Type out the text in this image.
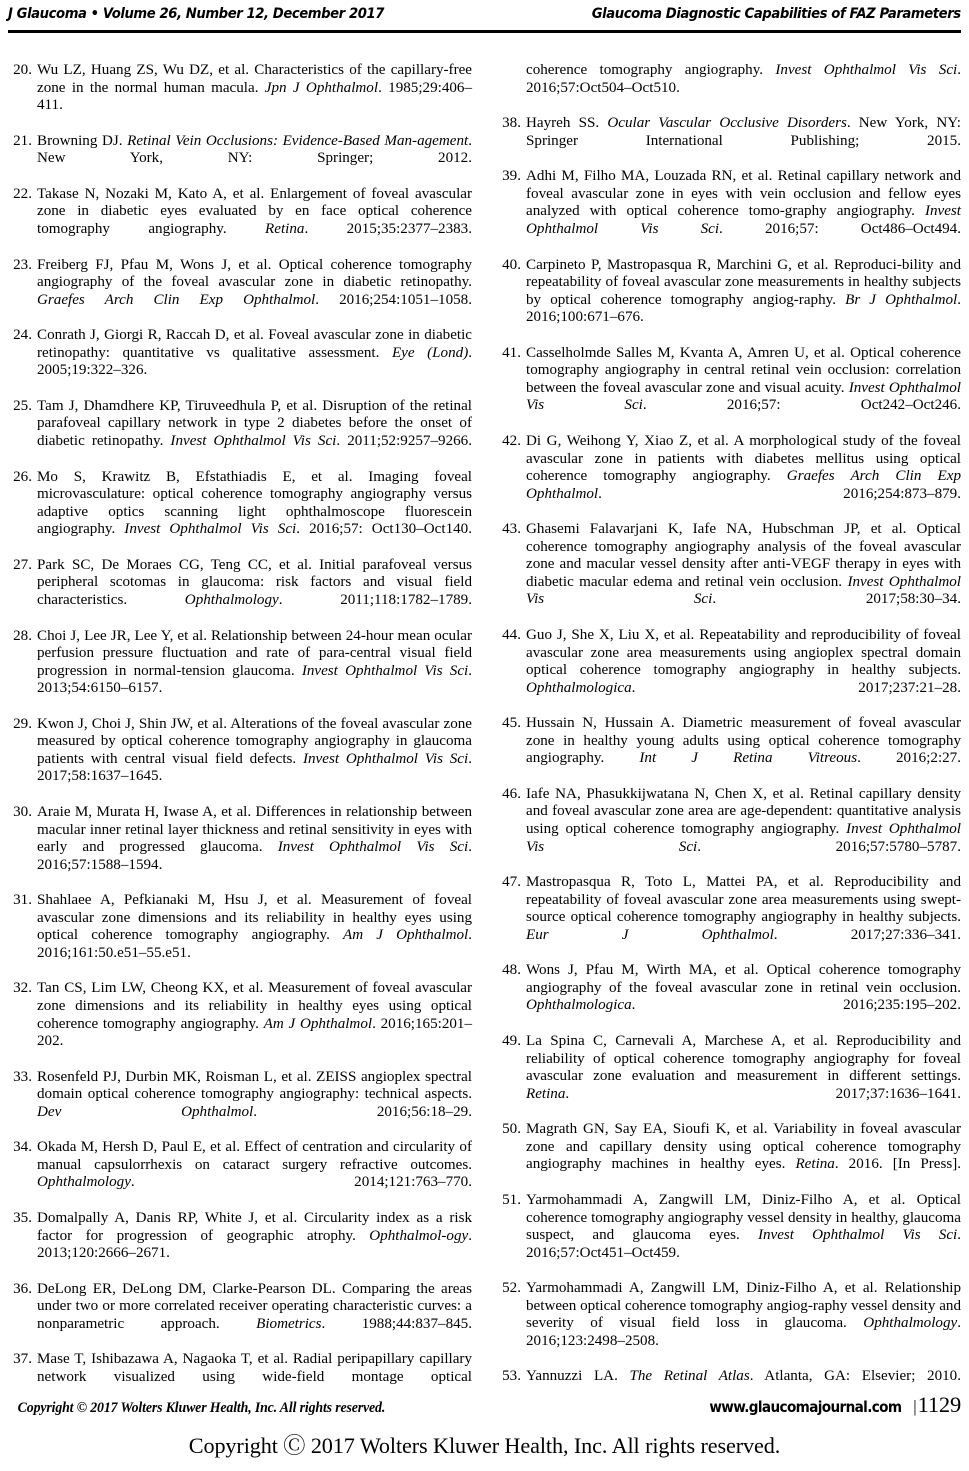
J Glaucoma • Volume 26, Number 12, December 2017	Glaucoma Diagnostic Capabilities of FAZ Parameters
20. Wu LZ, Huang ZS, Wu DZ, et al. Characteristics of the capillary-free zone in the normal human macula. Jpn J Ophthalmol. 1985;29:406–411.
21. Browning DJ. Retinal Vein Occlusions: Evidence-Based Man-agement. New York, NY: Springer; 2012.
22. Takase N, Nozaki M, Kato A, et al. Enlargement of foveal avascular zone in diabetic eyes evaluated by en face optical coherence tomography angiography. Retina. 2015;35:2377–2383.
23. Freiberg FJ, Pfau M, Wons J, et al. Optical coherence tomography angiography of the foveal avascular zone in diabetic retinopathy. Graefes Arch Clin Exp Ophthalmol. 2016;254:1051–1058.
24. Conrath J, Giorgi R, Raccah D, et al. Foveal avascular zone in diabetic retinopathy: quantitative vs qualitative assessment. Eye (Lond). 2005;19:322–326.
25. Tam J, Dhamdhere KP, Tiruveedhula P, et al. Disruption of the retinal parafoveal capillary network in type 2 diabetes before the onset of diabetic retinopathy. Invest Ophthalmol Vis Sci. 2011;52:9257–9266.
26. Mo S, Krawitz B, Efstathiadis E, et al. Imaging foveal microvasculature: optical coherence tomography angiography versus adaptive optics scanning light ophthalmoscope fluorescein angiography. Invest Ophthalmol Vis Sci. 2016;57: Oct130–Oct140.
27. Park SC, De Moraes CG, Teng CC, et al. Initial parafoveal versus peripheral scotomas in glaucoma: risk factors and visual field characteristics. Ophthalmology. 2011;118:1782–1789.
28. Choi J, Lee JR, Lee Y, et al. Relationship between 24-hour mean ocular perfusion pressure fluctuation and rate of para-central visual field progression in normal-tension glaucoma. Invest Ophthalmol Vis Sci. 2013;54:6150–6157.
29. Kwon J, Choi J, Shin JW, et al. Alterations of the foveal avascular zone measured by optical coherence tomography angiography in glaucoma patients with central visual field defects. Invest Ophthalmol Vis Sci. 2017;58:1637–1645.
30. Araie M, Murata H, Iwase A, et al. Differences in relationship between macular inner retinal layer thickness and retinal sensitivity in eyes with early and progressed glaucoma. Invest Ophthalmol Vis Sci. 2016;57:1588–1594.
31. Shahlaee A, Pefkianaki M, Hsu J, et al. Measurement of foveal avascular zone dimensions and its reliability in healthy eyes using optical coherence tomography angiography. Am J Ophthalmol. 2016;161:50.e51–55.e51.
32. Tan CS, Lim LW, Cheong KX, et al. Measurement of foveal avascular zone dimensions and its reliability in healthy eyes using optical coherence tomography angiography. Am J Ophthalmol. 2016;165:201–202.
33. Rosenfeld PJ, Durbin MK, Roisman L, et al. ZEISS angioplex spectral domain optical coherence tomography angiography: technical aspects. Dev Ophthalmol. 2016;56:18–29.
34. Okada M, Hersh D, Paul E, et al. Effect of centration and circularity of manual capsulorrhexis on cataract surgery refractive outcomes. Ophthalmology. 2014;121:763–770.
35. Domalpally A, Danis RP, White J, et al. Circularity index as a risk factor for progression of geographic atrophy. Ophthalmol-ogy. 2013;120:2666–2671.
36. DeLong ER, DeLong DM, Clarke-Pearson DL. Comparing the areas under two or more correlated receiver operating characteristic curves: a nonparametric approach. Biometrics. 1988;44:837–845.
37. Mase T, Ishibazawa A, Nagaoka T, et al. Radial peripapillary capillary network visualized using wide-field montage optical
coherence tomography angiography. Invest Ophthalmol Vis Sci. 2016;57:Oct504–Oct510.
38. Hayreh SS. Ocular Vascular Occlusive Disorders. New York, NY: Springer International Publishing; 2015.
39. Adhi M, Filho MA, Louzada RN, et al. Retinal capillary network and foveal avascular zone in eyes with vein occlusion and fellow eyes analyzed with optical coherence tomo-graphy angiography. Invest Ophthalmol Vis Sci. 2016;57: Oct486–Oct494.
40. Carpineto P, Mastropasqua R, Marchini G, et al. Reproduci-bility and repeatability of foveal avascular zone measurements in healthy subjects by optical coherence tomography angiog-raphy. Br J Ophthalmol. 2016;100:671–676.
41. Casselholmde Salles M, Kvanta A, Amren U, et al. Optical coherence tomography angiography in central retinal vein occlusion: correlation between the foveal avascular zone and visual acuity. Invest Ophthalmol Vis Sci. 2016;57: Oct242–Oct246.
42. Di G, Weihong Y, Xiao Z, et al. A morphological study of the foveal avascular zone in patients with diabetes mellitus using optical coherence tomography angiography. Graefes Arch Clin Exp Ophthalmol. 2016;254:873–879.
43. Ghasemi Falavarjani K, Iafe NA, Hubschman JP, et al. Optical coherence tomography angiography analysis of the foveal avascular zone and macular vessel density after anti-VEGF therapy in eyes with diabetic macular edema and retinal vein occlusion. Invest Ophthalmol Vis Sci. 2017;58:30–34.
44. Guo J, She X, Liu X, et al. Repeatability and reproducibility of foveal avascular zone area measurements using angioplex spectral domain optical coherence tomography angiography in healthy subjects. Ophthalmologica. 2017;237:21–28.
45. Hussain N, Hussain A. Diametric measurement of foveal avascular zone in healthy young adults using optical coherence tomography angiography. Int J Retina Vitreous. 2016;2:27.
46. Iafe NA, Phasukkijwatana N, Chen X, et al. Retinal capillary density and foveal avascular zone area are age-dependent: quantitative analysis using optical coherence tomography angiography. Invest Ophthalmol Vis Sci. 2016;57:5780–5787.
47. Mastropasqua R, Toto L, Mattei PA, et al. Reproducibility and repeatability of foveal avascular zone area measurements using swept-source optical coherence tomography angiography in healthy subjects. Eur J Ophthalmol. 2017;27:336–341.
48. Wons J, Pfau M, Wirth MA, et al. Optical coherence tomography angiography of the foveal avascular zone in retinal vein occlusion. Ophthalmologica. 2016;235:195–202.
49. La Spina C, Carnevali A, Marchese A, et al. Reproducibility and reliability of optical coherence tomography angiography for foveal avascular zone evaluation and measurement in different settings. Retina. 2017;37:1636–1641.
50. Magrath GN, Say EA, Sioufi K, et al. Variability in foveal avascular zone and capillary density using optical coherence tomography angiography machines in healthy eyes. Retina. 2016. [In Press].
51. Yarmohammadi A, Zangwill LM, Diniz-Filho A, et al. Optical coherence tomography angiography vessel density in healthy, glaucoma suspect, and glaucoma eyes. Invest Ophthalmol Vis Sci. 2016;57:Oct451–Oct459.
52. Yarmohammadi A, Zangwill LM, Diniz-Filho A, et al. Relationship between optical coherence tomography angiog-raphy vessel density and severity of visual field loss in glaucoma. Ophthalmology. 2016;123:2498–2508.
53. Yannuzzi LA. The Retinal Atlas. Atlanta, GA: Elsevier; 2010.
Copyright © 2017 Wolters Kluwer Health, Inc. All rights reserved.	www.glaucomajournal.com | 1129
Copyright Ⓒ 2017 Wolters Kluwer Health, Inc. All rights reserved.
